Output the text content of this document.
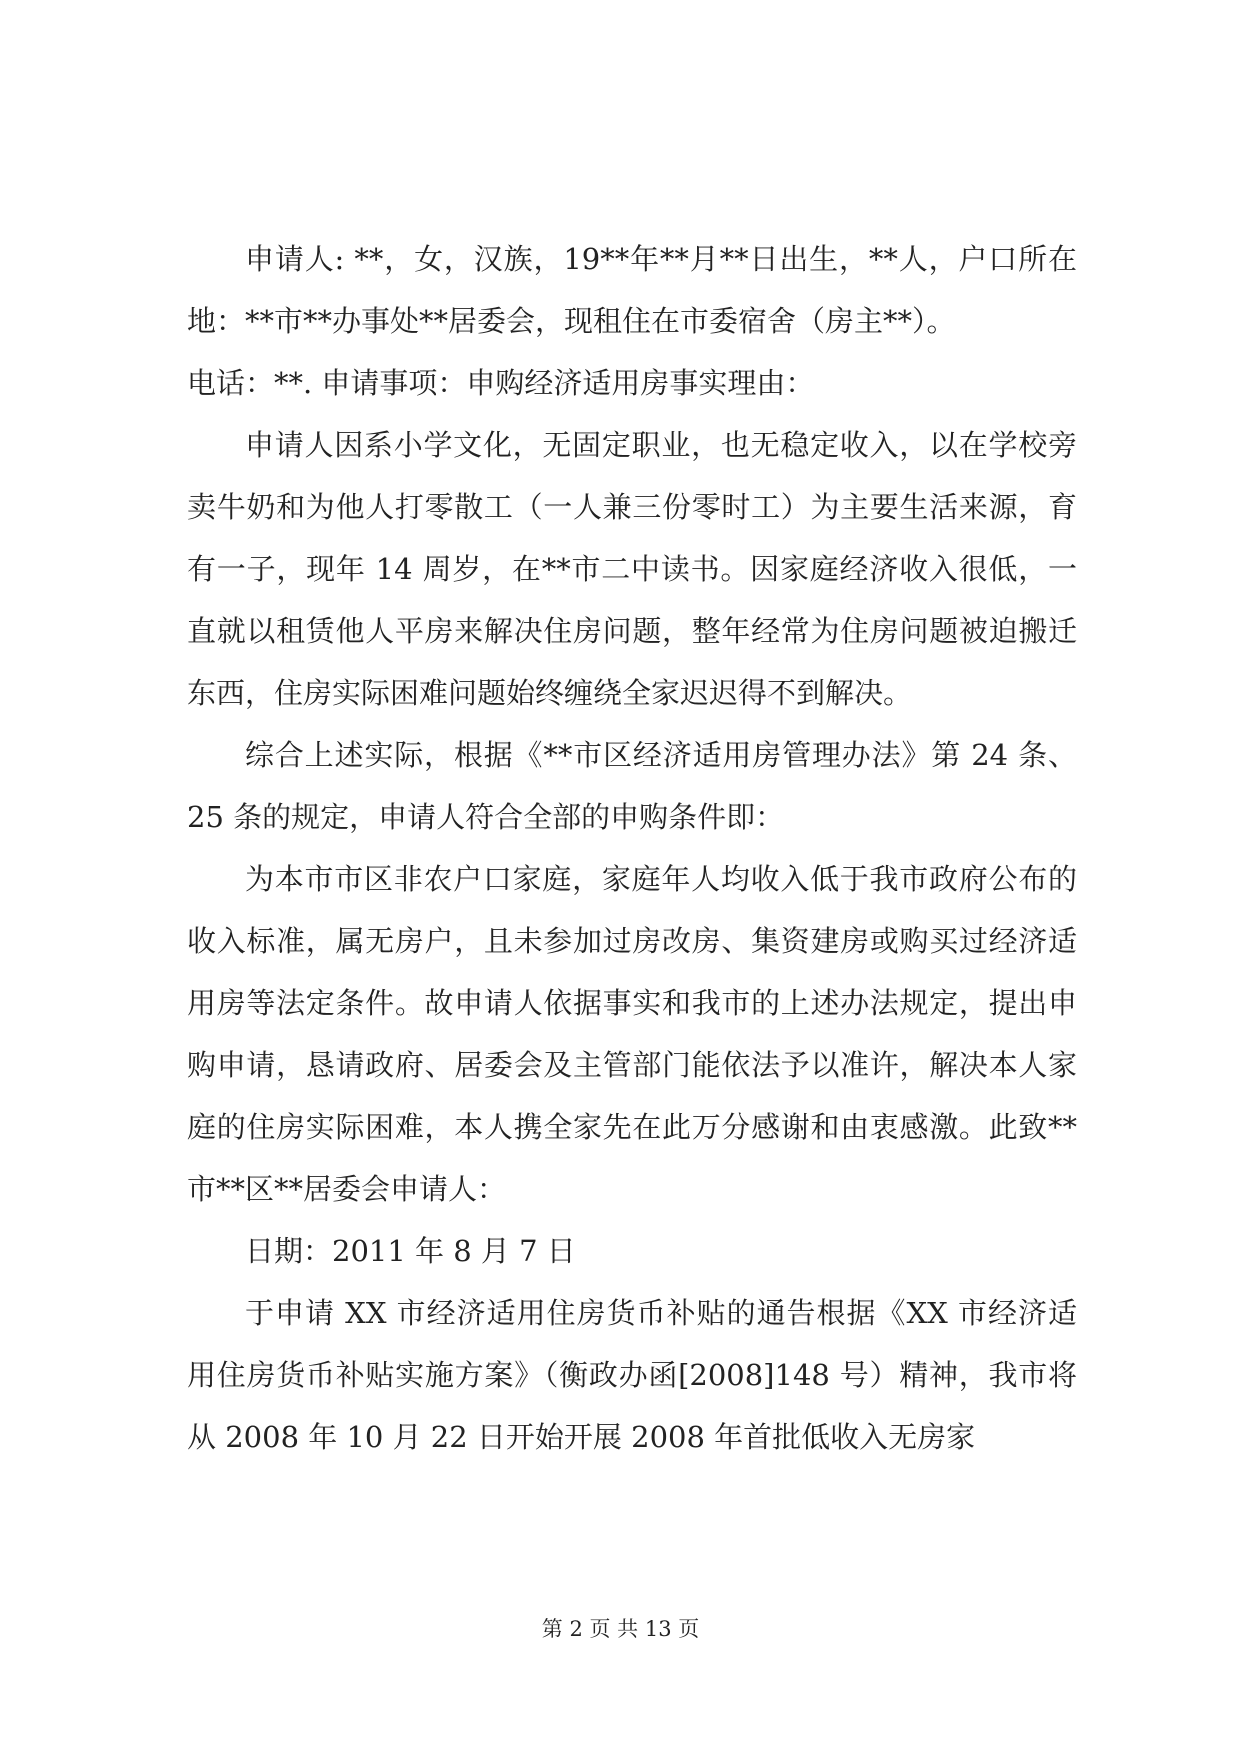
申请人: **，女，汉族，19**年**月**日出生，**人，户口所在地：**市**办事处**居委会，现租住在市委宿舍（房主**）。

电话：**. 申请事项：申购经济适用房事实理由：

申请人因系小学文化，无固定职业，也无稳定收入，以在学校旁卖牛奶和为他人打零散工（一人兼三份零时工）为主要生活来源，育有一子，现年 14 周岁，在**市二中读书。因家庭经济收入很低，一直就以租赁他人平房来解决住房问题，整年经常为住房问题被迫搬迁东西，住房实际困难问题始终缠绕全家迟迟得不到解决。

综合上述实际，根据《**市区经济适用房管理办法》第 24 条、25 条的规定，申请人符合全部的申购条件即：

为本市市区非农户口家庭，家庭年人均收入低于我市政府公布的收入标准，属无房户，且未参加过房改房、集资建房或购买过经济适用房等法定条件。故申请人依据事实和我市的上述办法规定，提出申购申请，恳请政府、居委会及主管部门能依法予以准许，解决本人家庭的住房实际困难，本人携全家先在此万分感谢和由衷感激。此致**市**区**居委会申请人：

日期：2011 年 8 月 7 日

于申请 XX 市经济适用住房货币补贴的通告根据《XX 市经济适用住房货币补贴实施方案》（衡政办函[2008]148 号）精神，我市将从 2008 年 10 月 22 日开始开展 2008 年首批低收入无房家

第 2 页 共 13 页
